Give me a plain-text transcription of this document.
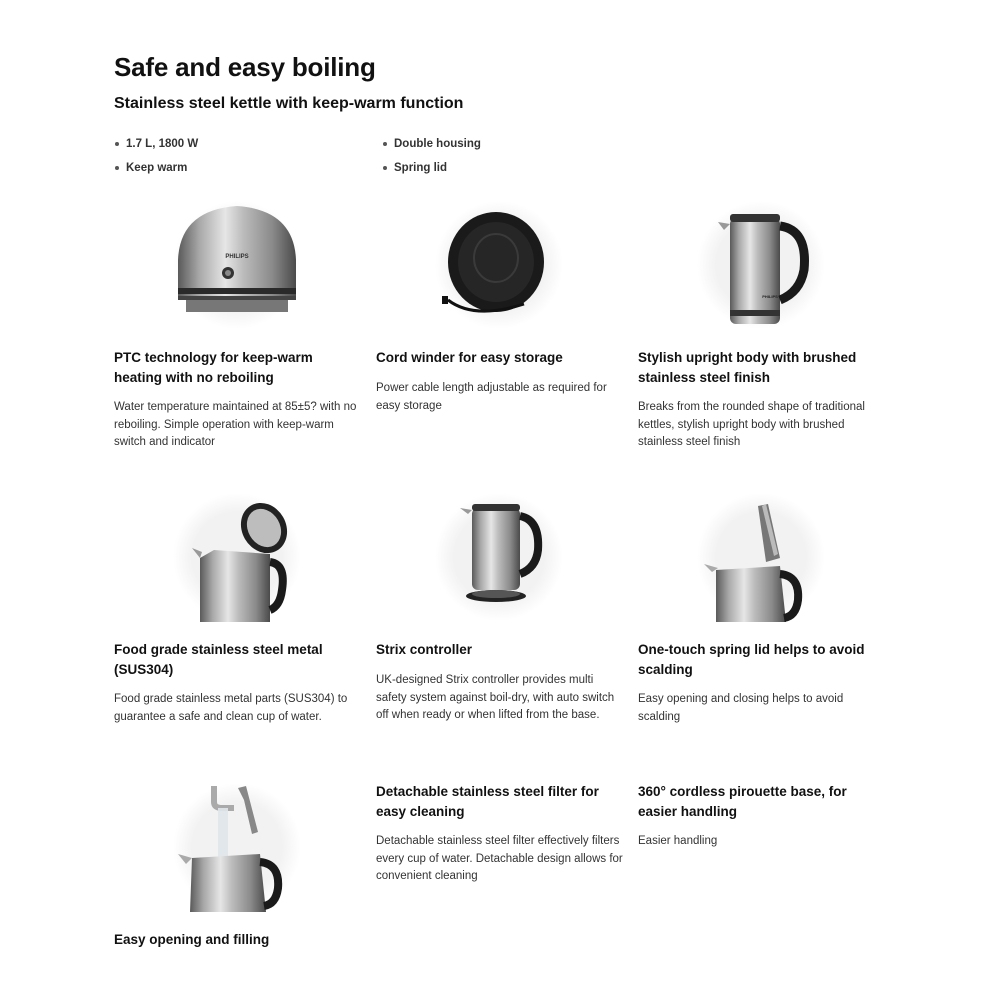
Safe and easy boiling
Stainless steel kettle with keep-warm function
1.7 L, 1800 W
Keep warm
Double housing
Spring lid
PHILIPS
PTC technology for keep-warm heating with no reboiling
Water temperature maintained at 85±5? with no reboiling. Simple operation with keep-warm switch and indicator
Cord winder for easy storage
Power cable length adjustable as required for easy storage
PHILIPS
Stylish upright body with brushed stainless steel finish
Breaks from the rounded shape of traditional kettles, stylish upright body with brushed stainless steel finish
Food grade stainless steel metal (SUS304)
Food grade stainless metal parts (SUS304) to guarantee a safe and clean cup of water.
Strix controller
UK-designed Strix controller provides multi safety system against boil-dry, with auto switch off when ready or when lifted from the base.
One-touch spring lid helps to avoid scalding
Easy opening and closing helps to avoid scalding
Easy opening and filling
Detachable stainless steel filter for easy cleaning
Detachable stainless steel filter effectively filters every cup of water. Detachable design allows for convenient cleaning
360° cordless pirouette base, for easier handling
Easier handling
